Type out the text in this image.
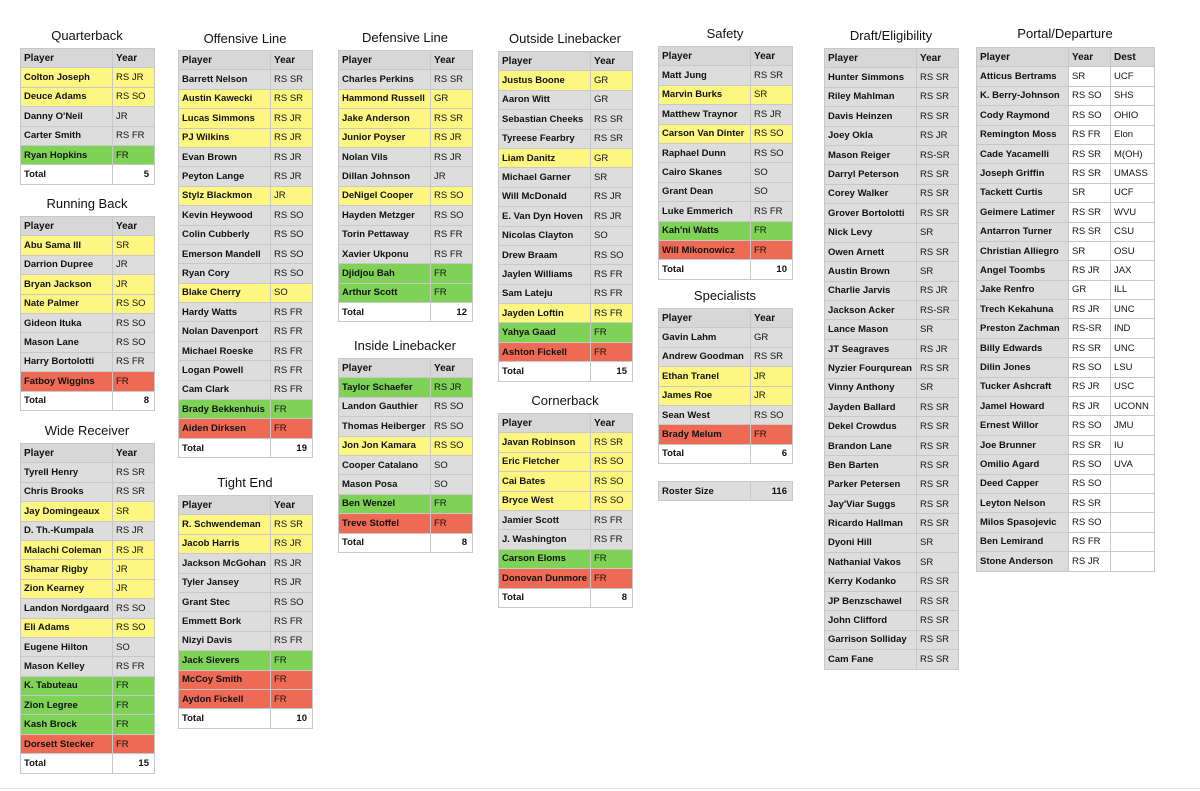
Quarterback
Running Back
Wide Receiver
Offensive Line
Tight End
Defensive Line
Inside Linebacker
Outside Linebacker
Cornerback
Safety
Specialists
Draft/Eligibility	Portal/Departure
Player	Year
Colton Joseph	RS JR
Deuce Adams	RS SO
Danny O'Neil	JR
Carter Smith	RS FR
Ryan Hopkins	FR
Total	5
Player	Year
Abu Sama III	SR
Darrion Dupree	JR
Bryan Jackson	JR
Nate Palmer	RS SO
Gideon Ituka	RS SO
Mason Lane	RS SO
Harry Bortolotti	RS FR
Fatboy Wiggins	FR
Total	8
Player	Year
Tyrell Henry	RS SR
Chris Brooks	RS SR
Jay Domingeaux	SR
D. Th.-Kumpala	RS JR
Malachi Coleman	RS JR
Shamar Rigby	JR
Zion Kearney	JR
Landon Nordgaard	RS SO
Eli Adams	RS SO
Eugene Hilton	SO
Mason Kelley	RS FR
K. Tabuteau	FR
Zion Legree	FR
Kash Brock	FR
Dorsett Stecker	FR
Total	15
Player	Year
Barrett Nelson	RS SR
Austin Kawecki	RS SR
Lucas Simmons	RS JR
PJ Wilkins	RS JR
Evan Brown	RS JR
Peyton Lange	RS JR
Stylz Blackmon	JR
Kevin Heywood	RS SO
Colin Cubberly	RS SO
Emerson Mandell	RS SO
Ryan Cory	RS SO
Blake Cherry	SO
Hardy Watts	RS FR
Nolan Davenport	RS FR
Michael Roeske	RS FR
Logan Powell	RS FR
Cam Clark	RS FR
Brady Bekkenhuis	FR
Aiden Dirksen	FR
Total	19
Player	Year
R. Schwendeman	RS SR
Jacob Harris	RS JR
Jackson McGohan	RS JR
Tyler Jansey	RS JR
Grant Stec	RS SO
Emmett Bork	RS FR
Nizyi Davis	RS FR
Jack Sievers	FR
McCoy Smith	FR
Aydon Fickell	FR
Total	10
Player	Year
Charles Perkins	RS SR
Hammond Russell	GR
Jake Anderson	RS SR
Junior Poyser	RS JR
Nolan Vils	RS JR
Dillan Johnson	JR
DeNigel Cooper	RS SO
Hayden Metzger	RS SO
Torin Pettaway	RS FR
Xavier Ukponu	RS FR
Djidjou Bah	FR
Arthur Scott	FR
Total	12
Player	Year
Taylor Schaefer	RS JR
Landon Gauthier	RS SO
Thomas Heiberger	RS SO
Jon Jon Kamara	RS SO
Cooper Catalano	SO
Mason Posa	SO
Ben Wenzel	FR
Treve Stoffel	FR
Total	8
Player	Year
Justus Boone	GR
Aaron Witt	GR
Sebastian Cheeks	RS SR
Tyreese Fearbry	RS SR
Liam Danitz	GR
Michael Garner	SR
Will McDonald	RS JR
E. Van Dyn Hoven	RS JR
Nicolas Clayton	SO
Drew Braam	RS SO
Jaylen Williams	RS FR
Sam Lateju	RS FR
Jayden Loftin	RS FR
Yahya Gaad	FR
Ashton Fickell	FR
Total	15
Player	Year
Javan Robinson	RS SR
Eric Fletcher	RS SO
Cai Bates	RS SO
Bryce West	RS SO
Jamier Scott	RS FR
J. Washington	RS FR
Carson Eloms	FR
Donovan Dunmore	FR
Total	8
Player	Year
Matt Jung	RS SR
Marvin Burks	SR
Matthew Traynor	RS JR
Carson Van Dinter	RS SO
Raphael Dunn	RS SO
Cairo Skanes	SO
Grant Dean	SO
Luke Emmerich	RS FR
Kah'ni Watts	FR
Will Mikonowicz	FR
Total	10
Player	Year
Gavin Lahm	GR
Andrew Goodman	RS SR
Ethan Tranel	JR
James Roe	JR
Sean West	RS SO
Brady Melum	FR
Total	6
Player	Year
Hunter Simmons	RS SR
Riley Mahlman	RS SR
Davis Heinzen	RS SR
Joey Okla	RS JR
Mason Reiger	RS-SR
Darryl Peterson	RS SR
Corey Walker	RS SR
Grover Bortolotti	RS SR
Nick Levy	SR
Owen Arnett	RS SR
Austin Brown	SR
Charlie Jarvis	RS JR
Jackson Acker	RS-SR
Lance Mason	SR
JT Seagraves	RS JR
Nyzier Fourqurean	RS SR
Vinny Anthony	SR
Jayden Ballard	RS SR
Dekel Crowdus	RS SR
Brandon Lane	RS SR
Ben Barten	RS SR
Parker Petersen	RS SR
Jay'Viar Suggs	RS SR
Ricardo Hallman	RS SR
Dyoni Hill	SR
Nathanial Vakos	SR
Kerry Kodanko	RS SR
JP Benzschawel	RS SR
John Clifford	RS SR
Garrison Solliday	RS SR
Cam Fane	RS SR
Player	Year	Dest
Atticus Bertrams	SR	UCF
K. Berry-Johnson	RS SO	SHS
Cody Raymond	RS SO	OHIO
Remington Moss	RS FR	Elon
Cade Yacamelli	RS SR	M(OH)
Joseph Griffin	RS SR	UMASS
Tackett Curtis	SR	UCF
Geimere Latimer	RS SR	WVU
Antarron Turner	RS SR	CSU
Christian Alliegro	SR	OSU
Angel Toombs	RS JR	JAX
Jake Renfro	GR	ILL
Trech Kekahuna	RS JR	UNC
Preston Zachman	RS-SR	IND
Billy Edwards	RS SR	UNC
Dilin Jones	RS SO	LSU
Tucker Ashcraft	RS JR	USC
Jamel Howard	RS JR	UCONN
Ernest Willor	RS SO	JMU
Joe Brunner	RS SR	IU
Omilio Agard	RS SO	UVA
Deed Capper	RS SO	
Leyton Nelson	RS SR	
Milos Spasojevic	RS SO	
Ben Lemirand	RS FR	
Stone Anderson	RS JR	
Roster Size	116
